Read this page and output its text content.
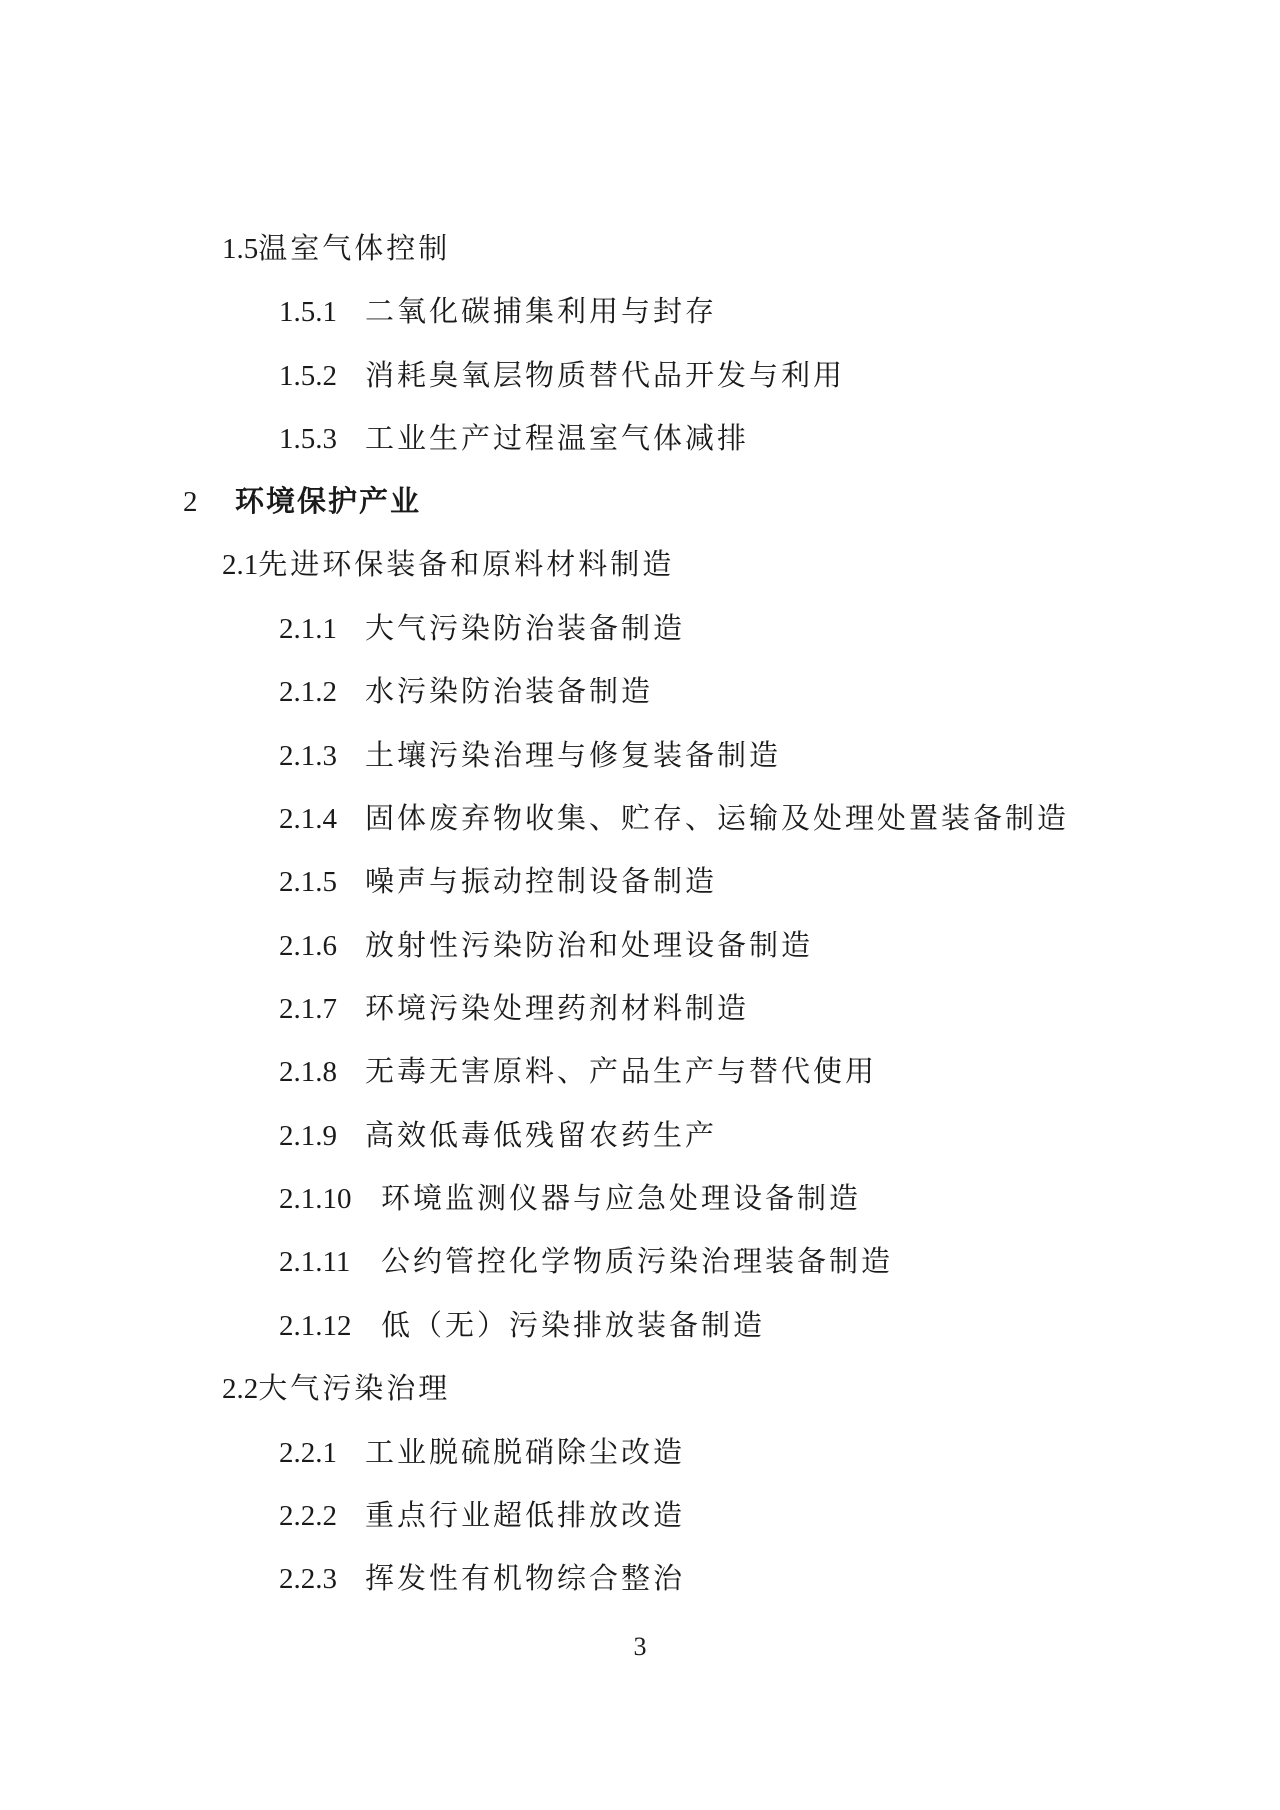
1.5温室气体控制
1.5.1 二氧化碳捕集利用与封存
1.5.2 消耗臭氧层物质替代品开发与利用
1.5.3 工业生产过程温室气体减排
2 环境保护产业
2.1先进环保装备和原料材料制造
2.1.1 大气污染防治装备制造
2.1.2 水污染防治装备制造
2.1.3 土壤污染治理与修复装备制造
2.1.4 固体废弃物收集、贮存、运输及处理处置装备制造
2.1.5 噪声与振动控制设备制造
2.1.6 放射性污染防治和处理设备制造
2.1.7 环境污染处理药剂材料制造
2.1.8 无毒无害原料、产品生产与替代使用
2.1.9 高效低毒低残留农药生产
2.1.10 环境监测仪器与应急处理设备制造
2.1.11 公约管控化学物质污染治理装备制造
2.1.12 低（无）污染排放装备制造
2.2大气污染治理
2.2.1 工业脱硫脱硝除尘改造
2.2.2 重点行业超低排放改造
2.2.3 挥发性有机物综合整治
3
